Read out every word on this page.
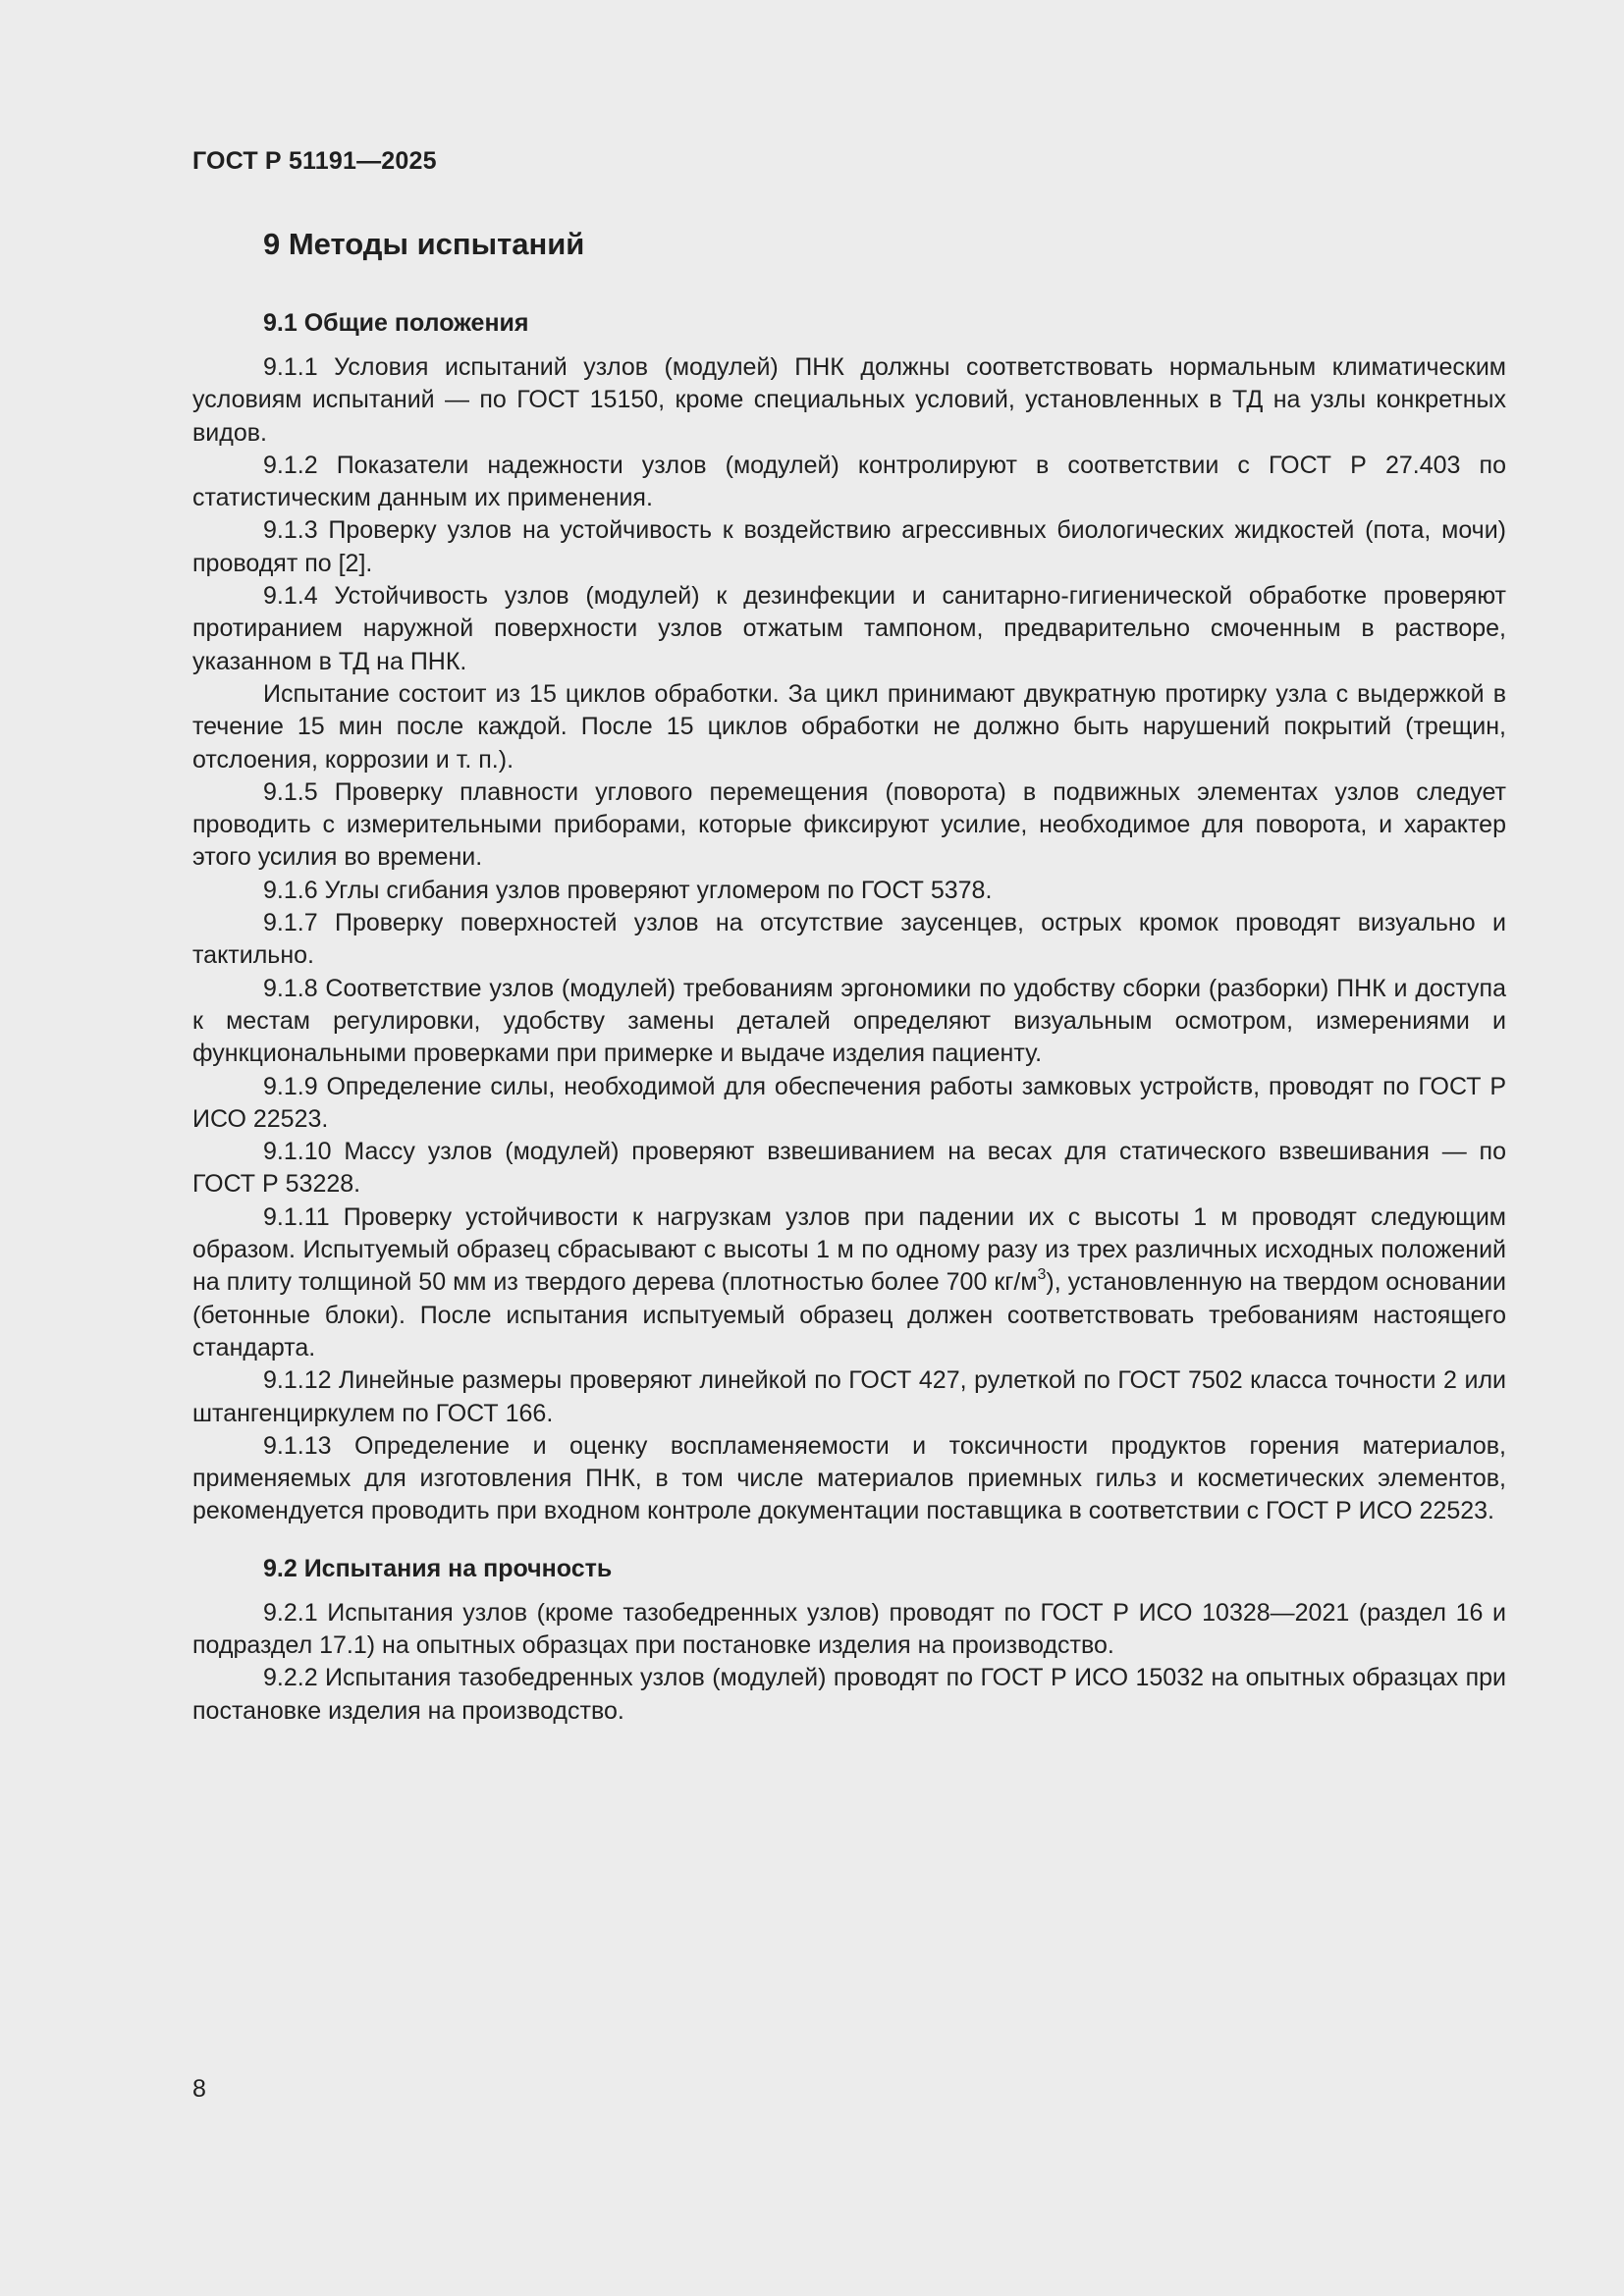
ГОСТ Р 51191—2025
9 Методы испытаний
9.1 Общие положения

9.1.1 Условия испытаний узлов (модулей) ПНК должны соответствовать нормальным климатическим условиям испытаний — по ГОСТ 15150, кроме специальных условий, установленных в ТД на узлы конкретных видов.

9.1.2 Показатели надежности узлов (модулей) контролируют в соответствии с ГОСТ Р 27.403 по статистическим данным их применения.

9.1.3 Проверку узлов на устойчивость к воздействию агрессивных биологических жидкостей (пота, мочи) проводят по [2].

9.1.4 Устойчивость узлов (модулей) к дезинфекции и санитарно-гигиенической обработке проверяют протиранием наружной поверхности узлов отжатым тампоном, предварительно смоченным в растворе, указанном в ТД на ПНК.

Испытание состоит из 15 циклов обработки. За цикл принимают двукратную протирку узла с выдержкой в течение 15 мин после каждой. После 15 циклов обработки не должно быть нарушений покрытий (трещин, отслоения, коррозии и т. п.).

9.1.5 Проверку плавности углового перемещения (поворота) в подвижных элементах узлов следует проводить с измерительными приборами, которые фиксируют усилие, необходимое для поворота, и характер этого усилия во времени.

9.1.6 Углы сгибания узлов проверяют угломером по ГОСТ 5378.

9.1.7 Проверку поверхностей узлов на отсутствие заусенцев, острых кромок проводят визуально и тактильно.

9.1.8 Соответствие узлов (модулей) требованиям эргономики по удобству сборки (разборки) ПНК и доступа к местам регулировки, удобству замены деталей определяют визуальным осмотром, измерениями и функциональными проверками при примерке и выдаче изделия пациенту.

9.1.9 Определение силы, необходимой для обеспечения работы замковых устройств, проводят по ГОСТ Р ИСО 22523.

9.1.10 Массу узлов (модулей) проверяют взвешиванием на весах для статического взвешивания — по ГОСТ Р 53228.

9.1.11 Проверку устойчивости к нагрузкам узлов при падении их с высоты 1 м проводят следующим образом. Испытуемый образец сбрасывают с высоты 1 м по одному разу из трех различных исходных положений на плиту толщиной 50 мм из твердого дерева (плотностью более 700 $кг/м^3$), установленную на твердом основании (бетонные блоки). После испытания испытуемый образец должен соответствовать требованиям настоящего стандарта.

9.1.12 Линейные размеры проверяют линейкой по ГОСТ 427, рулеткой по ГОСТ 7502 класса точности 2 или штангенциркулем по ГОСТ 166.

9.1.13 Определение и оценку воспламеняемости и токсичности продуктов горения материалов, применяемых для изготовления ПНК, в том числе материалов приемных гильз и косметических элементов, рекомендуется проводить при входном контроле документации поставщика в соответствии с ГОСТ Р ИСО 22523.

9.2 Испытания на прочность

9.2.1 Испытания узлов (кроме тазобедренных узлов) проводят по ГОСТ Р ИСО 10328—2021 (раздел 16 и подраздел 17.1) на опытных образцах при постановке изделия на производство.

9.2.2 Испытания тазобедренных узлов (модулей) проводят по ГОСТ Р ИСО 15032 на опытных образцах при постановке изделия на производство.

8
